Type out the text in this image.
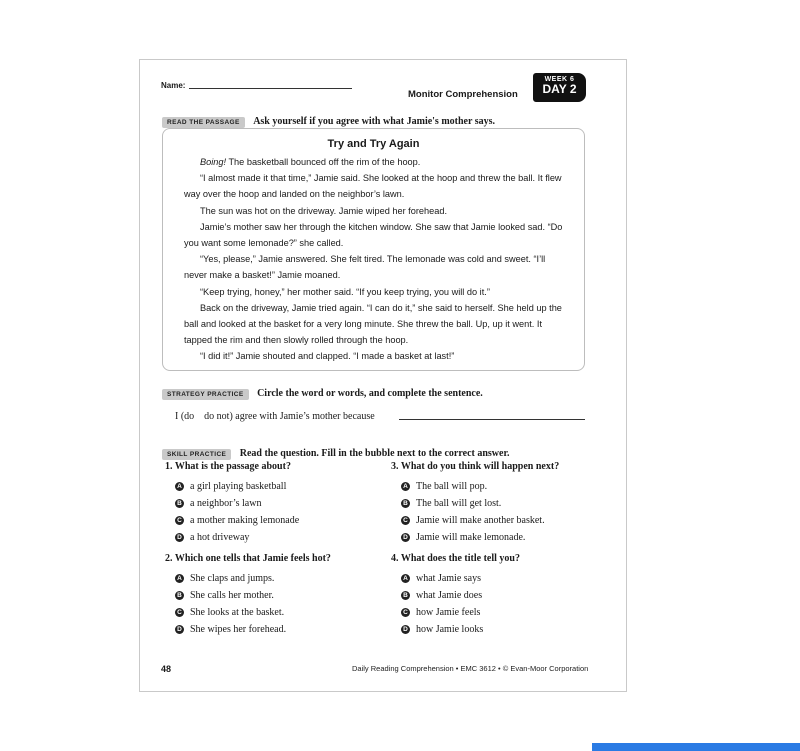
Name:
Monitor Comprehension
WEEK 6
DAY 2
READ THE PASSAGE Ask yourself if you agree with what Jamie's mother says.
Try and Try Again

Boing! The basketball bounced off the rim of the hoop.

“I almost made it that time,” Jamie said. She looked at the hoop and threw the ball. It flew way over the hoop and landed on the neighbor’s lawn.

The sun was hot on the driveway. Jamie wiped her forehead.

Jamie’s mother saw her through the kitchen window. She saw that Jamie looked sad. “Do you want some lemonade?” she called.

“Yes, please,” Jamie answered. She felt tired. The lemonade was cold and sweet. “I’ll never make a basket!” Jamie moaned.

“Keep trying, honey,” her mother said. “If you keep trying, you will do it.”

Back on the driveway, Jamie tried again. “I can do it,” she said to herself. She held up the ball and looked at the basket for a very long minute. She threw the ball. Up, up it went. It tapped the rim and then slowly rolled through the hoop.

“I did it!” Jamie shouted and clapped. “I made a basket at last!”

STRATEGY PRACTICE Circle the word or words, and complete the sentence.
I (do    do not) agree with Jamie’s mother because
SKILL PRACTICE Read the question. Fill in the bubble next to the correct answer.
1. What is the passage about?
A a girl playing basketball
B a neighbor’s lawn
C a mother making lemonade
D a hot driveway
2. Which one tells that Jamie feels hot?
A She claps and jumps.
B She calls her mother.
C She looks at the basket.
D She wipes her forehead.
3. What do you think will happen next?
A The ball will pop.
B The ball will get lost.
C Jamie will make another basket.
D Jamie will make lemonade.
4. What does the title tell you?
A what Jamie says
B what Jamie does
C how Jamie feels
D how Jamie looks
48	Daily Reading Comprehension • EMC 3612 • © Evan-Moor Corporation
